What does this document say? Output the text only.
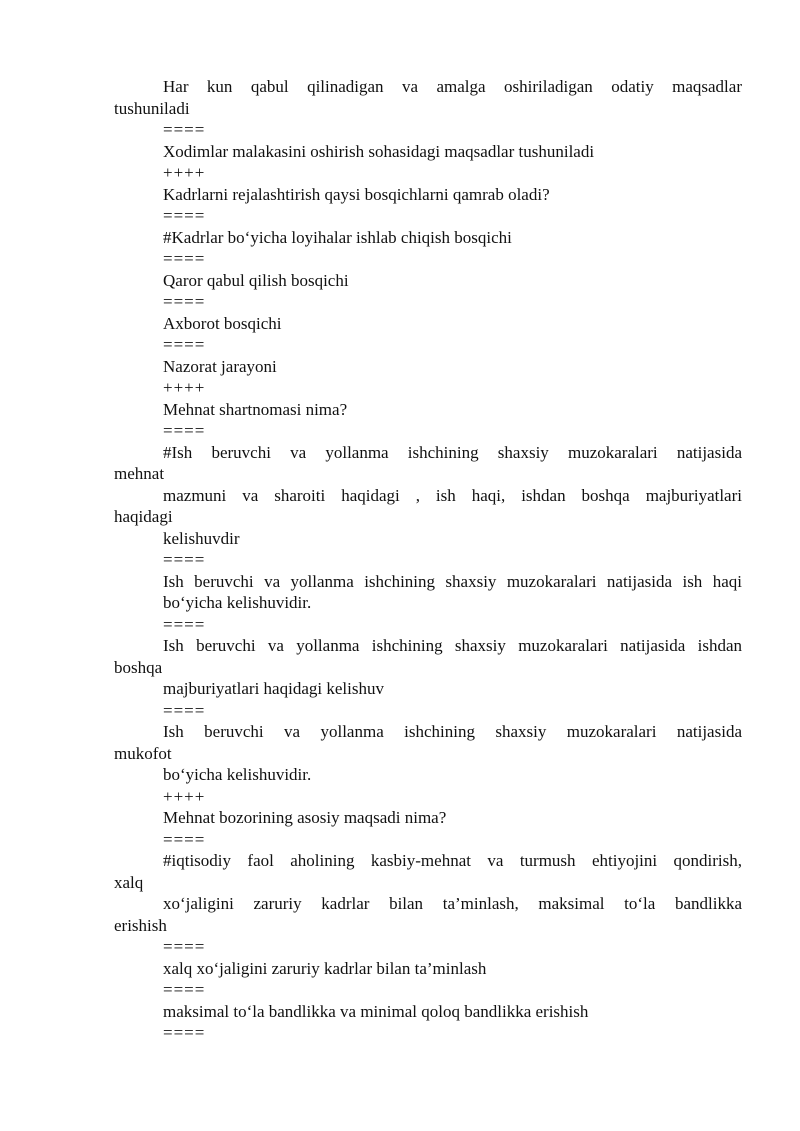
Har kun qabul qilinadigan va amalga oshiriladigan odatiy maqsadlar
tushuniladi
====
Xodimlar malakasini oshirish sohasidagi maqsadlar tushuniladi
++++
Kadrlarni rejalashtirish qaysi bosqichlarni qamrab oladi?
====
#Kadrlar bo‘yicha loyihalar ishlab chiqish bosqichi
====
Qaror qabul qilish bosqichi
====
Axborot bosqichi
====
Nazorat jarayoni
++++
Mehnat shartnomasi nima?
====
#Ish beruvchi va yollanma ishchining shaxsiy muzokaralari natijasida
mehnat
mazmuni va sharoiti haqidagi , ish haqi, ishdan boshqa majburiyatlari
haqidagi
kelishuvdir
====
Ish beruvchi va yollanma ishchining shaxsiy muzokaralari natijasida ish haqi
bo‘yicha kelishuvidir.
====
Ish beruvchi va yollanma ishchining shaxsiy muzokaralari natijasida ishdan
boshqa
majburiyatlari haqidagi kelishuv
====
Ish beruvchi va yollanma ishchining shaxsiy muzokaralari natijasida
mukofot
bo‘yicha kelishuvidir.
++++
Mehnat bozorining asosiy maqsadi nima?
====
#iqtisodiy faol aholining kasbiy-mehnat va turmush ehtiyojini qondirish,
xalq
xo‘jaligini zaruriy kadrlar bilan ta’minlash, maksimal to‘la bandlikka
erishish
====
xalq xo‘jaligini zaruriy kadrlar bilan ta’minlash
====
maksimal to‘la bandlikka va minimal qoloq bandlikka erishish
====
